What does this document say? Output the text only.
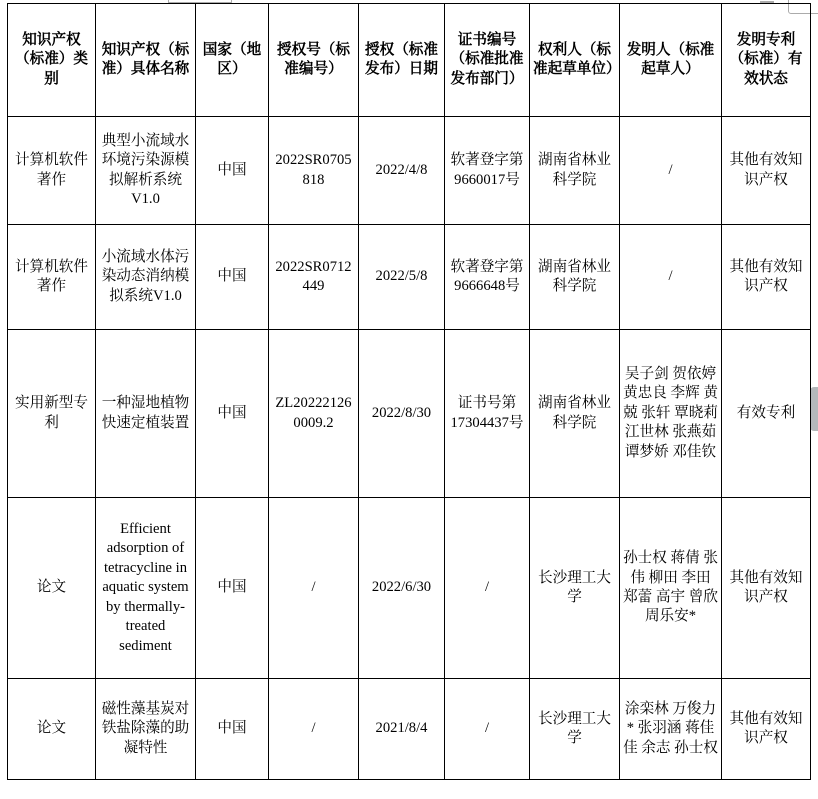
知识产权（标准）类别	知识产权（标准）具体名称	国家（地区）	授权号（标准编号）	授权（标准发布）日期	证书编号（标准批准发布部门）	权利人（标准起草单位）	发明人（标准起草人）	发明专利（标准）有效状态
计算机软件著作	典型小流域水环境污染源模拟解析系统V1.0	中国	2022SR0705818	2022/4/8	软著登字第9660017号	湖南省林业科学院	/	其他有效知识产权
计算机软件著作	小流域水体污染动态消纳模拟系统V1.0	中国	2022SR0712449	2022/5/8	软著登字第9666648号	湖南省林业科学院	/	其他有效知识产权
实用新型专利	一种湿地植物快速定植装置	中国	ZL202221260009.2	2022/8/30	证书号第17304437号	湖南省林业科学院	吴子剑 贺依婷 黄忠良 李辉 黄兢 张轩 覃晓莉 江世林 张燕茹 谭梦娇 邓佳钦	有效专利
论文	Efficient adsorption of tetracycline in aquatic system by thermally-treated sediment	中国	/	2022/6/30	/	长沙理工大学	孙士权 蒋倩 张伟 柳田 李田 郑蕾 高宇 曾欣 周乐安*	其他有效知识产权
论文	磁性藻基炭对铁盐除藻的助凝特性	中国	/	2021/8/4	/	长沙理工大学	涂栾林 万俊力* 张羽涵 蒋佳佳 余志 孙士权	其他有效知识产权
